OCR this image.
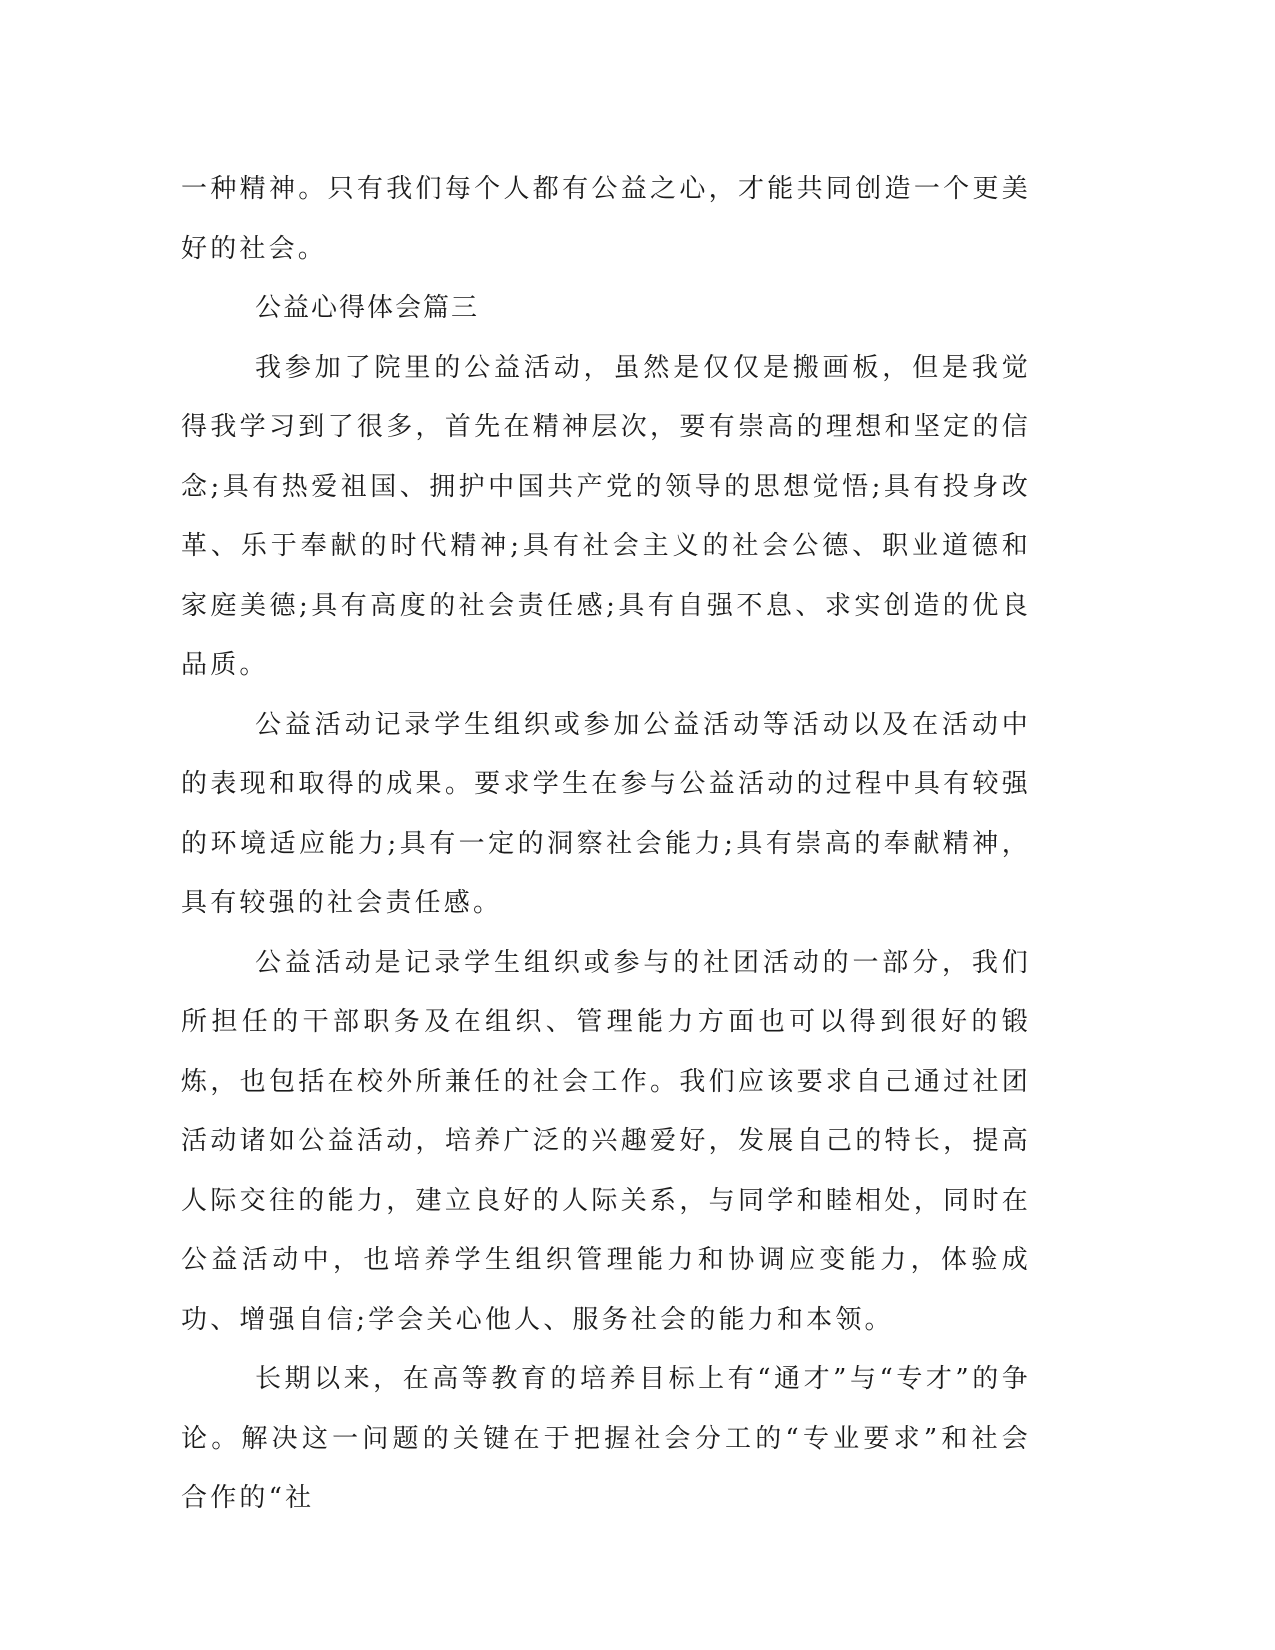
一种精神。只有我们每个人都有公益之心，才能共同创造一个更美好的社会。

公益心得体会篇三

我参加了院里的公益活动，虽然是仅仅是搬画板，但是我觉得我学习到了很多，首先在精神层次，要有崇高的理想和坚定的信念;具有热爱祖国、拥护中国共产党的领导的思想觉悟;具有投身改革、乐于奉献的时代精神;具有社会主义的社会公德、职业道德和家庭美德;具有高度的社会责任感;具有自强不息、求实创造的优良品质。

公益活动记录学生组织或参加公益活动等活动以及在活动中的表现和取得的成果。要求学生在参与公益活动的过程中具有较强的环境适应能力;具有一定的洞察社会能力;具有崇高的奉献精神，具有较强的社会责任感。

公益活动是记录学生组织或参与的社团活动的一部分，我们所担任的干部职务及在组织、管理能力方面也可以得到很好的锻炼，也包括在校外所兼任的社会工作。我们应该要求自己通过社团活动诸如公益活动，培养广泛的兴趣爱好，发展自己的特长，提高人际交往的能力，建立良好的人际关系，与同学和睦相处，同时在公益活动中，也培养学生组织管理能力和协调应变能力，体验成功、增强自信;学会关心他人、服务社会的能力和本领。

长期以来，在高等教育的培养目标上有“通才”与“专才”的争论。解决这一问题的关键在于把握社会分工的“专业要求”和社会合作的“社
